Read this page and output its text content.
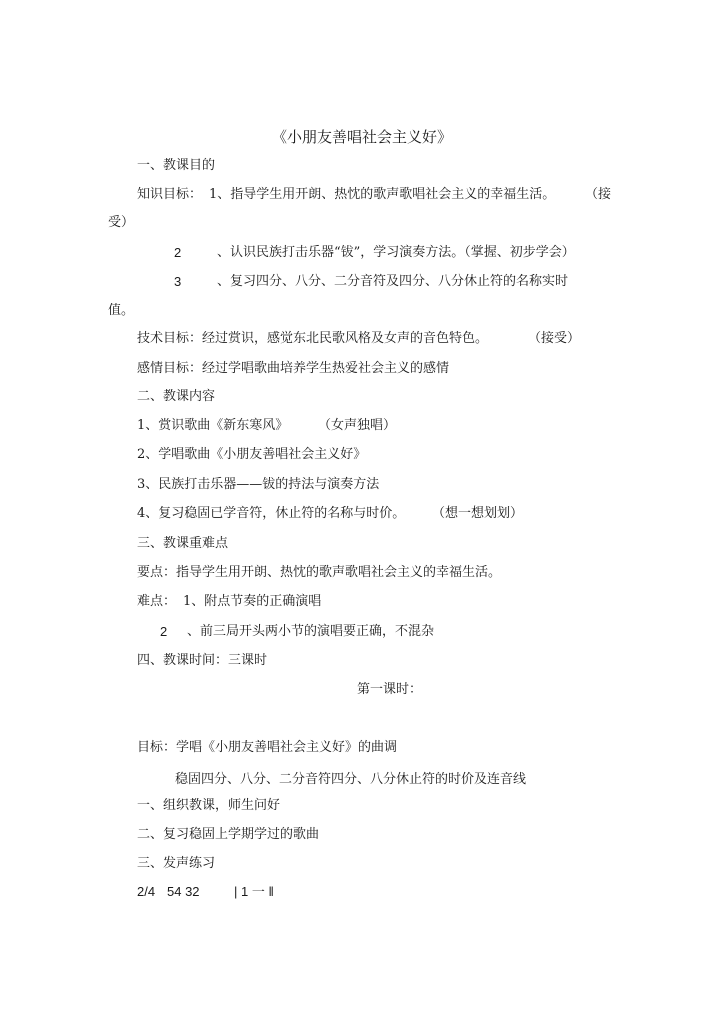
《小朋友善唱社会主义好》
一、教课目的
知识目标： 1、指导学生用开朗、热忱的歌声歌唱社会主义的幸福生活。 （接
受）
2	、认识民族打击乐器“钹”，学习演奏方法。（掌握、初步学会）
3	、复习四分、八分、二分音符及四分、八分休止符的名称实时
值。
技术目标：经过赏识，感觉东北民歌风格及女声的音色特色。	（接受）
感情目标：经过学唱歌曲培养学生热爱社会主义的感情
二、教课内容
1、赏识歌曲《新东寒风》 （女声独唱）
2、学唱歌曲《小朋友善唱社会主义好》
3、民族打击乐器——钹的持法与演奏方法
4、复习稳固已学音符，休止符的名称与时价。 （想一想划划）
三、教课重难点
要点：指导学生用开朗、热忱的歌声歌唱社会主义的幸福生活。
难点： 1、附点节奏的正确演唱
2 、前三局开头两小节的演唱要正确，不混杂
四、教课时间：三课时
第一课时：
目标：学唱《小朋友善唱社会主义好》的曲调
稳固四分、八分、二分音符四分、八分休止符的时价及连音线
一、组织教课，师生问好
二、复习稳固上学期学过的歌曲
三、发声练习
2/4 54 32	| 1 一 ‖
